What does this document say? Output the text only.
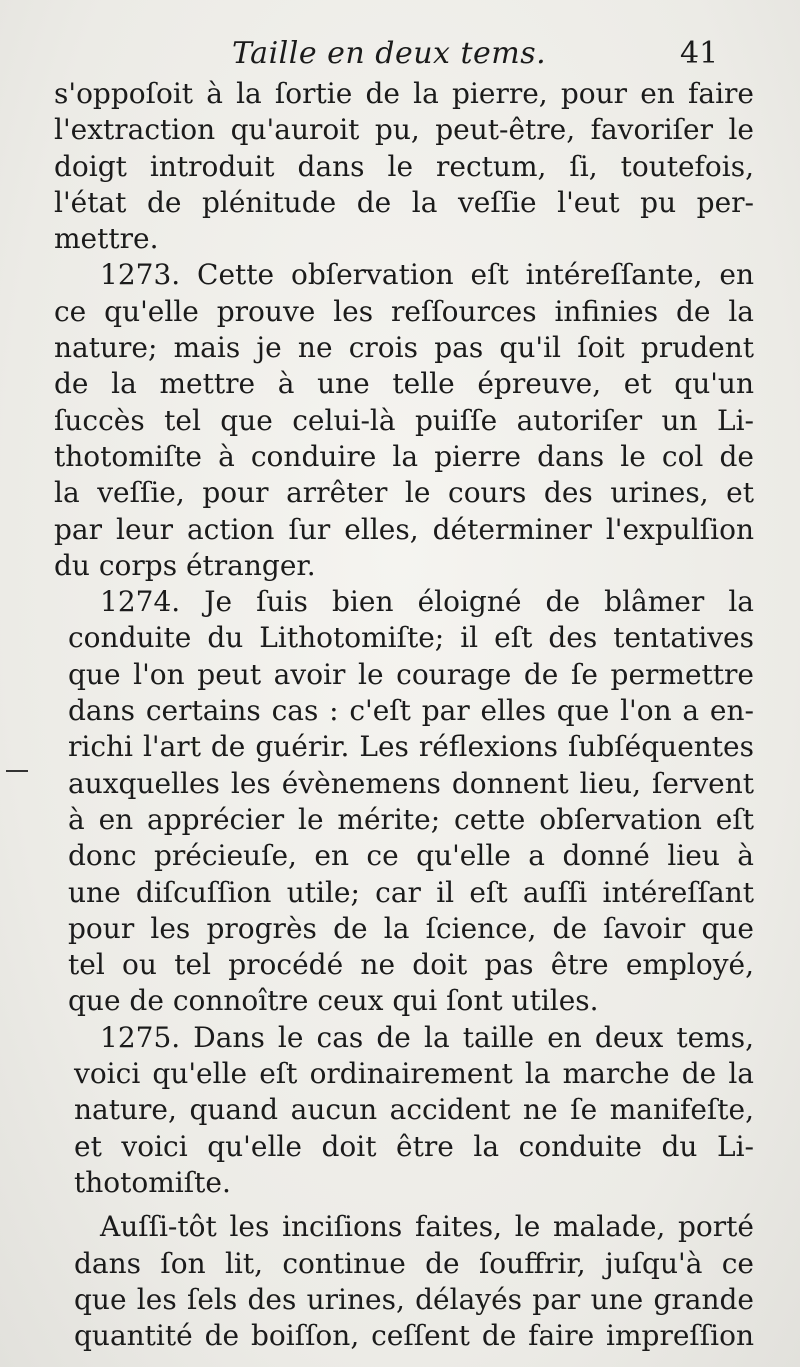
Taille en deux tems.	41
s'oppoſoit à la ſortie de la pierre, pour en faire
l'extraction qu'auroit pu, peut-être, favoriſer le
doigt introduit dans le rectum, ſi, toutefois,
l'état de plénitude de la veſſie l'eut pu per-
mettre.
1273. Cette obſervation eſt intéreſſante, en
ce qu'elle prouve les reſſources infinies de la
nature; mais je ne crois pas qu'il ſoit prudent
de la mettre à une telle épreuve, et qu'un
ſuccès tel que celui-là puiſſe autoriſer un Li-
thotomiſte à conduire la pierre dans le col de
la veſſie, pour arrêter le cours des urines, et
par leur action ſur elles, déterminer l'expulſion
du corps étranger.
1274. Je ſuis bien éloigné de blâmer la
conduite du Lithotomiſte; il eſt des tentatives
que l'on peut avoir le courage de ſe permettre
dans certains cas : c'eſt par elles que l'on a en-
richi l'art de guérir. Les réflexions ſubſéquentes
auxquelles les évènemens donnent lieu, ſervent
à en apprécier le mérite; cette obſervation eſt
donc précieuſe, en ce qu'elle a donné lieu à
une diſcuſſion utile; car il eſt auſſi intéreſſant
pour les progrès de la ſcience, de ſavoir que
tel ou tel procédé ne doit pas être employé,
que de connoître ceux qui ſont utiles.
1275. Dans le cas de la taille en deux tems,
voici qu'elle eſt ordinairement la marche de la
nature, quand aucun accident ne ſe manifeſte,
et voici qu'elle doit être la conduite du Li-
thotomiſte.
Auſſi-tôt les inciſions faites, le malade, porté
dans ſon lit, continue de ſouffrir, juſqu'à ce
que les ſels des urines, délayés par une grande
quantité de boiſſon, ceſſent de faire impreſſion
